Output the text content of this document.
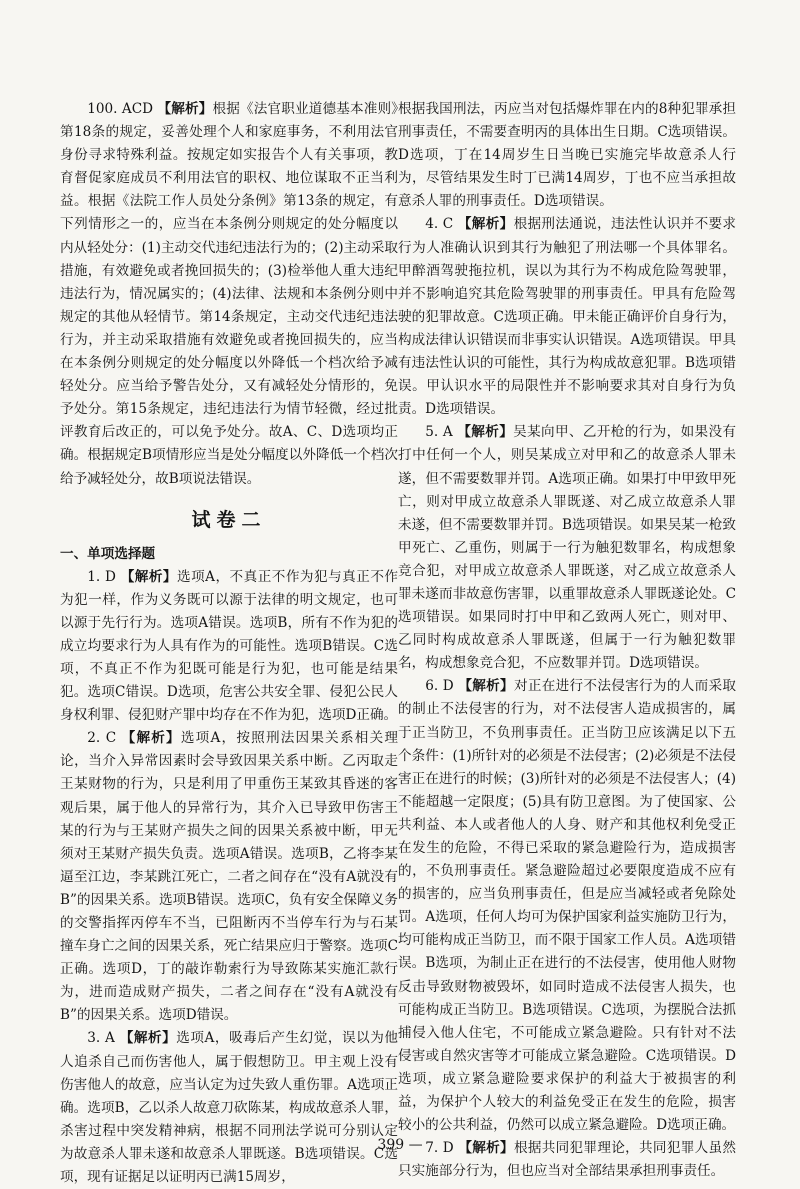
100. ACD 【解析】根据《法官职业道德基本准则》第18条的规定，妥善处理个人和家庭事务，不利用法官身份寻求特殊利益。按规定如实报告个人有关事项，教育督促家庭成员不利用法官的职权、地位谋取不正当利益。根据《法院工作人员处分条例》第13条的规定，有下列情形之一的，应当在本条例分则规定的处分幅度以内从轻处分：(1)主动交代违纪违法行为的；(2)主动采取措施，有效避免或者挽回损失的；(3)检举他人重大违纪违法行为，情况属实的；(4)法律、法规和本条例分则中规定的其他从轻情节。第14条规定，主动交代违纪违法行为，并主动采取措施有效避免或者挽回损失的，应当在本条例分则规定的处分幅度以外降低一个档次给予减轻处分。应当给予警告处分，又有减轻处分情形的，免予处分。第15条规定，违纪违法行为情节轻微，经过批评教育后改正的，可以免予处分。故A、C、D选项均正确。根据规定B项情形应当是处分幅度以外降低一个档次给予减轻处分，故B项说法错误。

试卷二
一、单项选择题

1. D 【解析】选项A，不真正不作为犯与真正不作为犯一样，作为义务既可以源于法律的明文规定，也可以源于先行行为。选项A错误。选项B，所有不作为犯的成立均要求行为人具有作为的可能性。选项B错误。C选项，不真正不作为犯既可能是行为犯，也可能是结果犯。选项C错误。D选项，危害公共安全罪、侵犯公民人身权利罪、侵犯财产罪中均存在不作为犯，选项D正确。

2. C 【解析】选项A，按照刑法因果关系相关理论，当介入异常因素时会导致因果关系中断。乙丙取走王某财物的行为，只是利用了甲重伤王某致其昏迷的客观后果，属于他人的异常行为，其介入已导致甲伤害王某的行为与王某财产损失之间的因果关系被中断，甲无须对王某财产损失负责。选项A错误。选项B，乙将李某逼至江边，李某跳江死亡，二者之间存在“没有A就没有B”的因果关系。选项B错误。选项C，负有安全保障义务的交警指挥丙停车不当，已阻断丙不当停车行为与石某撞车身亡之间的因果关系，死亡结果应归于警察。选项C正确。选项D，丁的敲诈勒索行为导致陈某实施汇款行为，进而造成财产损失，二者之间存在“没有A就没有B”的因果关系。选项D错误。

3. A 【解析】选项A，吸毒后产生幻觉，误以为他人追杀自己而伤害他人，属于假想防卫。甲主观上没有伤害他人的故意，应当认定为过失致人重伤罪。A选项正确。选项B，乙以杀人故意刀砍陈某，构成故意杀人罪，杀害过程中突发精神病，根据不同刑法学说可分别认定为故意杀人罪未遂和故意杀人罪既遂。B选项错误。C选项，现有证据足以证明丙已满15周岁，

根据我国刑法，丙应当对包括爆炸罪在内的8种犯罪承担刑事责任，不需要查明丙的具体出生日期。C选项错误。D选项，丁在14周岁生日当晚已实施完毕故意杀人行为，尽管结果发生时丁已满14周岁，丁也不应当承担故意杀人罪的刑事责任。D选项错误。

4. C 【解析】根据刑法通说，违法性认识并不要求行为人准确认识到其行为触犯了刑法哪一个具体罪名。甲醉酒驾驶拖拉机，误以为其行为不构成危险驾驶罪，并不影响追究其危险驾驶罪的刑事责任。甲具有危险驾驶的犯罪故意。C选项正确。甲未能正确评价自身行为，构成法律认识错误而非事实认识错误。A选项错误。甲具有违法性认识的可能性，其行为构成故意犯罪。B选项错误。甲认识水平的局限性并不影响要求其对自身行为负责。D选项错误。

5. A 【解析】吴某向甲、乙开枪的行为，如果没有打中任何一个人，则吴某成立对甲和乙的故意杀人罪未遂，但不需要数罪并罚。A选项正确。如果打中甲致甲死亡，则对甲成立故意杀人罪既遂、对乙成立故意杀人罪未遂，但不需要数罪并罚。B选项错误。如果吴某一枪致甲死亡、乙重伤，则属于一行为触犯数罪名，构成想象竞合犯，对甲成立故意杀人罪既遂，对乙成立故意杀人罪未遂而非故意伤害罪，以重罪故意杀人罪既遂论处。C选项错误。如果同时打中甲和乙致两人死亡，则对甲、乙同时构成故意杀人罪既遂，但属于一行为触犯数罪名，构成想象竞合犯，不应数罪并罚。D选项错误。

6. D 【解析】对正在进行不法侵害行为的人而采取的制止不法侵害的行为，对不法侵害人造成损害的，属于正当防卫，不负刑事责任。正当防卫应该满足以下五个条件：(1)所针对的必须是不法侵害；(2)必须是不法侵害正在进行的时候；(3)所针对的必须是不法侵害人；(4)不能超越一定限度；(5)具有防卫意图。为了使国家、公共利益、本人或者他人的人身、财产和其他权利免受正在发生的危险，不得已采取的紧急避险行为，造成损害的，不负刑事责任。紧急避险超过必要限度造成不应有的损害的，应当负刑事责任，但是应当减轻或者免除处罚。A选项，任何人均可为保护国家利益实施防卫行为，均可能构成正当防卫，而不限于国家工作人员。A选项错误。B选项，为制止正在进行的不法侵害，使用他人财物反击导致财物被毁坏，如同时造成不法侵害人损失，也可能构成正当防卫。B选项错误。C选项，为摆脱合法抓捕侵入他人住宅，不可能成立紧急避险。只有针对不法侵害或自然灾害等才可能成立紧急避险。C选项错误。D选项，成立紧急避险要求保护的利益大于被损害的利益，为保护个人较大的利益免受正在发生的危险，损害较小的公共利益，仍然可以成立紧急避险。D选项正确。

7. D 【解析】根据共同犯罪理论，共同犯罪人虽然只实施部分行为，但也应当对全部结果承担刑事责任。

399 —
